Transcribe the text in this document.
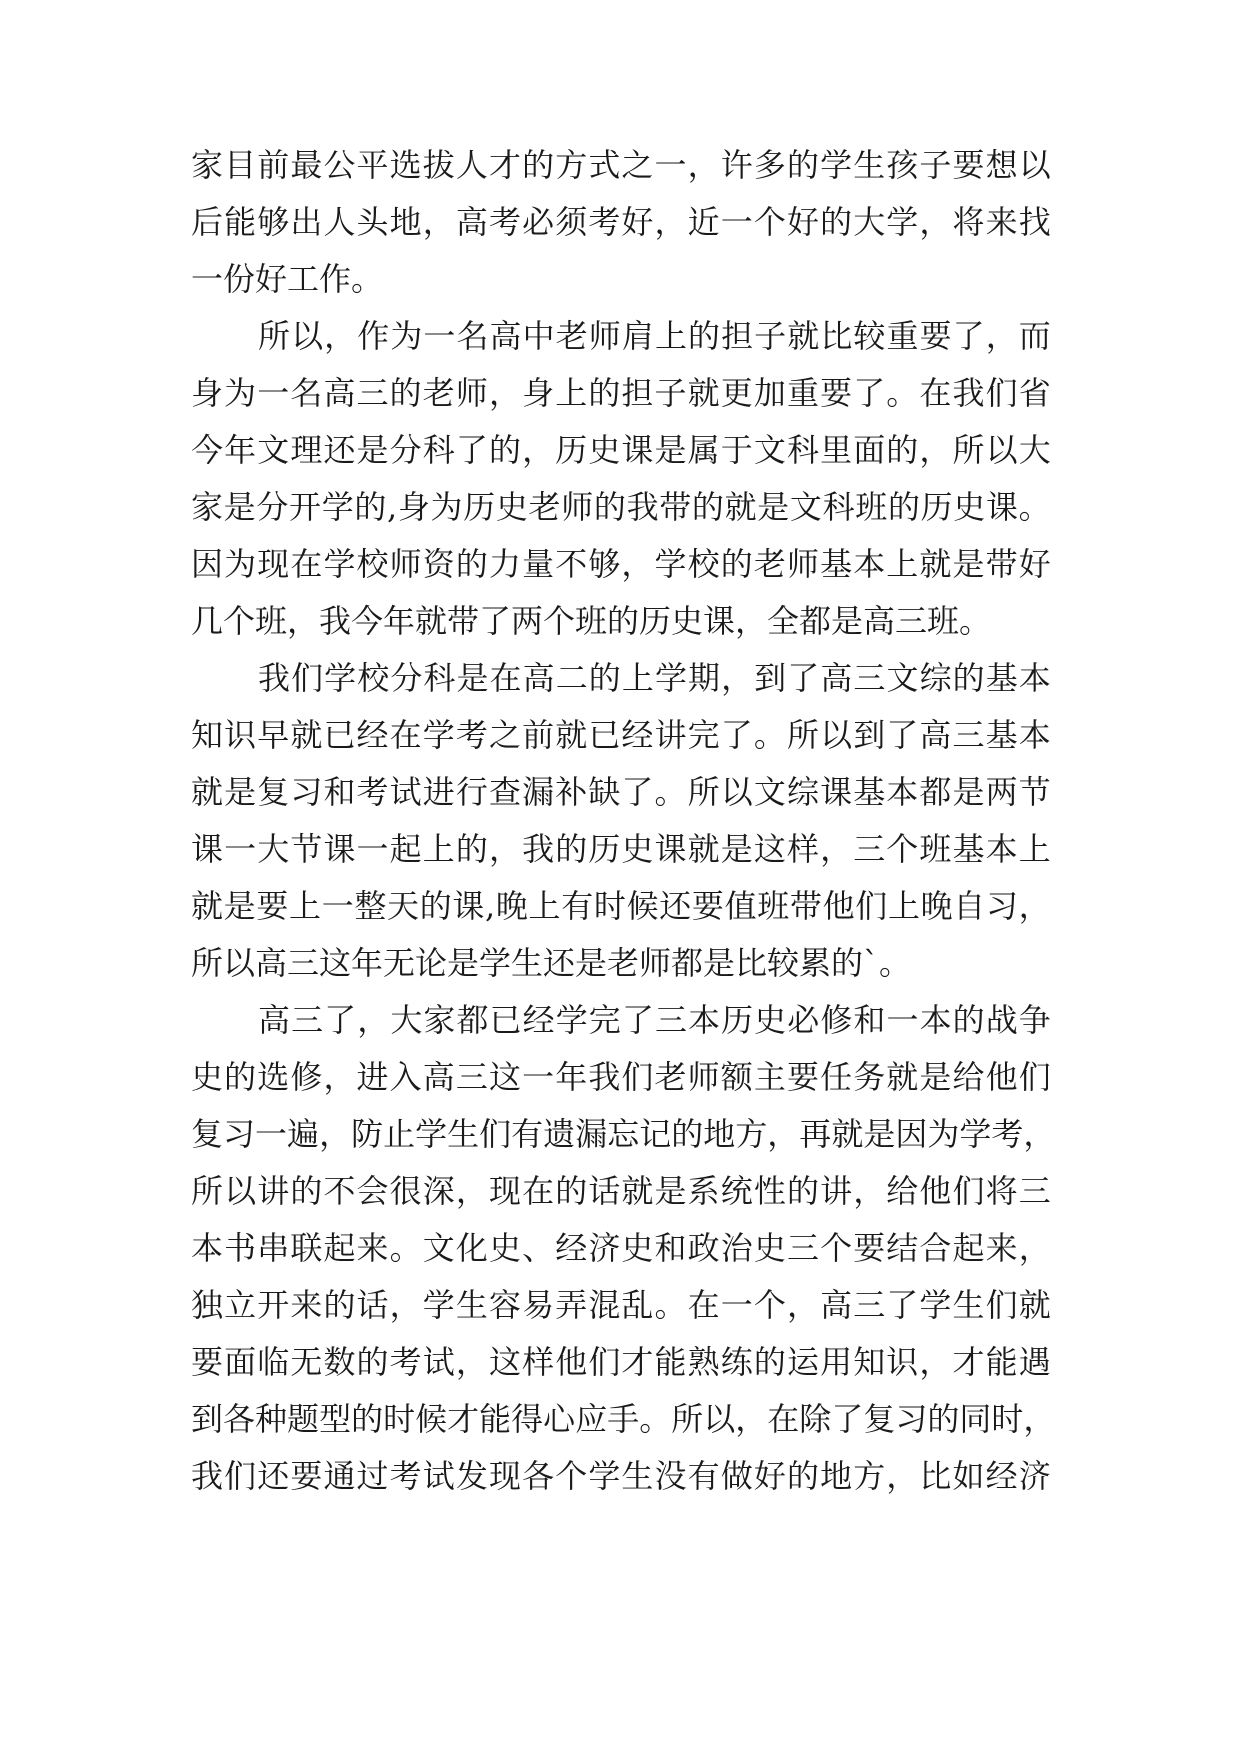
家 目 前 最 公 平 选 拔 人 才 的 方 式 之 一 ， 许 多 的 学 生 孩 子 要 想 以
后 能 够 出 人 头 地 ， 高 考 必 须 考 好 ， 近 一 个 好 的 大 学 ， 将 来 找
一份好工作。
所 以 ， 作 为 一 名 高 中 老 师 肩 上 的 担 子 就 比 较 重 要 了 ， 而
身 为 一 名 高 三 的 老 师 ， 身 上 的 担 子 就 更 加 重 要 了 。 在 我 们 省
今 年 文 理 还 是 分 科 了 的 ， 历 史 课 是 属 于 文 科 里 面 的 ， 所 以 大
家 是 分 开 学 的 , 身 为 历 史 老 师 的 我 带 的 就 是 文 科 班 的 历 史 课 。
因 为 现 在 学 校 师 资 的 力 量 不 够 ， 学 校 的 老 师 基 本 上 就 是 带 好
几个班，我今年就带了两个班的历史课，全都是高三班。
我 们 学 校 分 科 是 在 高 二 的 上 学 期 ， 到 了 高 三 文 综 的 基 本
知 识 早 就 已 经 在 学 考 之 前 就 已 经 讲 完 了 。 所 以 到 了 高 三 基 本
就 是 复 习 和 考 试 进 行 查 漏 补 缺 了 。 所 以 文 综 课 基 本 都 是 两 节
课 一 大 节 课 一 起 上 的 ， 我 的 历 史 课 就 是 这 样 ， 三 个 班 基 本 上
就 是 要 上 一 整 天 的 课 , 晚 上 有 时 候 还 要 值 班 带 他 们 上 晚 自 习 ，
所以高三这年无论是学生还是老师都是比较累的`。
高 三 了 ， 大 家 都 已 经 学 完 了 三 本 历 史 必 修 和 一 本 的 战 争
史 的 选 修 ， 进 入 高 三 这 一 年 我 们 老 师 额 主 要 任 务 就 是 给 他 们
复 习 一 遍 ， 防 止 学 生 们 有 遗 漏 忘 记 的 地 方 ， 再 就 是 因 为 学 考 ，
所 以 讲 的 不 会 很 深 ， 现 在 的 话 就 是 系 统 性 的 讲 ， 给 他 们 将 三
本 书 串 联 起 来 。 文 化 史 、 经 济 史 和 政 治 史 三 个 要 结 合 起 来 ，
独 立 开 来 的 话 ， 学 生 容 易 弄 混 乱 。 在 一 个 ， 高 三 了 学 生 们 就
要 面 临 无 数 的 考 试 ， 这 样 他 们 才 能 熟 练 的 运 用 知 识 ， 才 能 遇
到 各 种 题 型 的 时 候 才 能 得 心 应 手 。 所 以 ， 在 除 了 复 习 的 同 时 ，
我 们 还 要 通 过 考 试 发 现 各 个 学 生 没 有 做 好 的 地 方 ， 比 如 经 济
